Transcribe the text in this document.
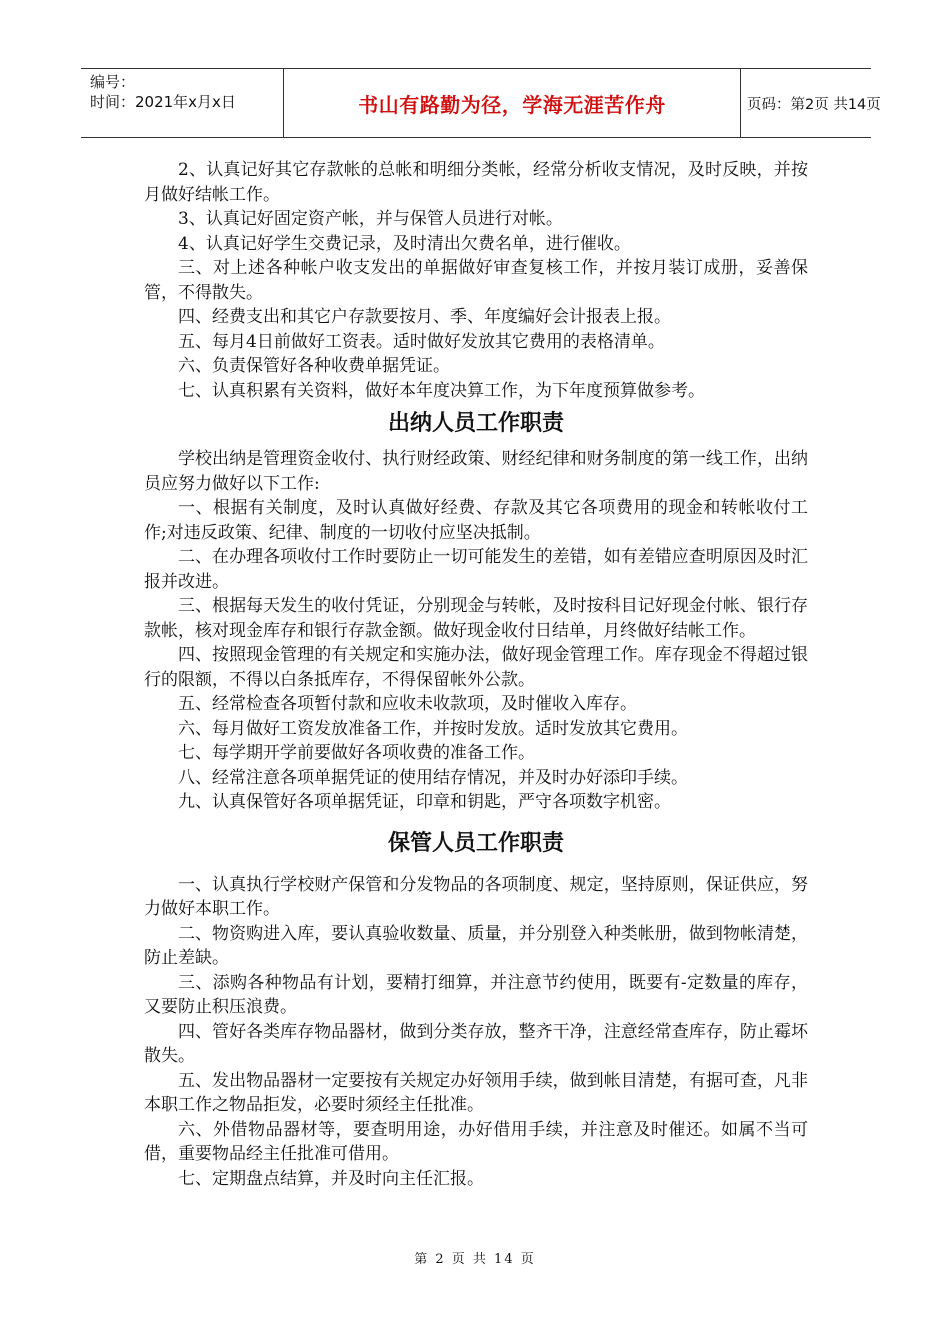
编号：
时间：2021年x月x日	书山有路勤为径，学海无涯苦作舟	页码：第2页 共14页

2、认真记好其它存款帐的总帐和明细分类帐，经常分析收支情况，及时反映，并按月做好结帐工作。

3、认真记好固定资产帐，并与保管人员进行对帐。

4、认真记好学生交费记录，及时清出欠费名单，进行催收。

三、对上述各种帐户收支发出的单据做好审查复核工作，并按月装订成册，妥善保管，不得散失。

四、经费支出和其它户存款要按月、季、年度编好会计报表上报。

五、每月4日前做好工资表。适时做好发放其它费用的表格清单。

六、负责保管好各种收费单据凭证。

七、认真积累有关资料，做好本年度决算工作，为下年度预算做参考。

出纳人员工作职责

学校出纳是管理资金收付、执行财经政策、财经纪律和财务制度的第一线工作，出纳员应努力做好以下工作:

一、根据有关制度，及时认真做好经费、存款及其它各项费用的现金和转帐收付工作;对违反政策、纪律、制度的一切收付应坚决抵制。

二、在办理各项收付工作时要防止一切可能发生的差错，如有差错应查明原因及时汇报并改进。

三、根据每天发生的收付凭证，分别现金与转帐，及时按科目记好现金付帐、银行存款帐，核对现金库存和银行存款金额。做好现金收付日结单，月终做好结帐工作。

四、按照现金管理的有关规定和实施办法，做好现金管理工作。库存现金不得超过银行的限额，不得以白条抵库存，不得保留帐外公款。

五、经常检查各项暂付款和应收未收款项，及时催收入库存。

六、每月做好工资发放准备工作，并按时发放。适时发放其它费用。

七、每学期开学前要做好各项收费的准备工作。

八、经常注意各项单据凭证的使用结存情况，并及时办好添印手续。

九、认真保管好各项单据凭证，印章和钥匙，严守各项数字机密。

保管人员工作职责

一、认真执行学校财产保管和分发物品的各项制度、规定，坚持原则，保证供应，努力做好本职工作。

二、物资购进入库，要认真验收数量、质量，并分别登入种类帐册，做到物帐清楚，防止差缺。

三、添购各种物品有计划，要精打细算，并注意节约使用，既要有-定数量的库存，又要防止积压浪费。

四、管好各类库存物品器材，做到分类存放，整齐干净，注意经常查库存，防止霉坏散失。

五、发出物品器材一定要按有关规定办好领用手续，做到帐目清楚，有据可查，凡非本职工作之物品拒发，必要时须经主任批准。

六、外借物品器材等，要查明用途，办好借用手续，并注意及时催还。如属不当可借，重要物品经主任批准可借用。

七、定期盘点结算，并及时向主任汇报。

第 2 页 共 14 页
